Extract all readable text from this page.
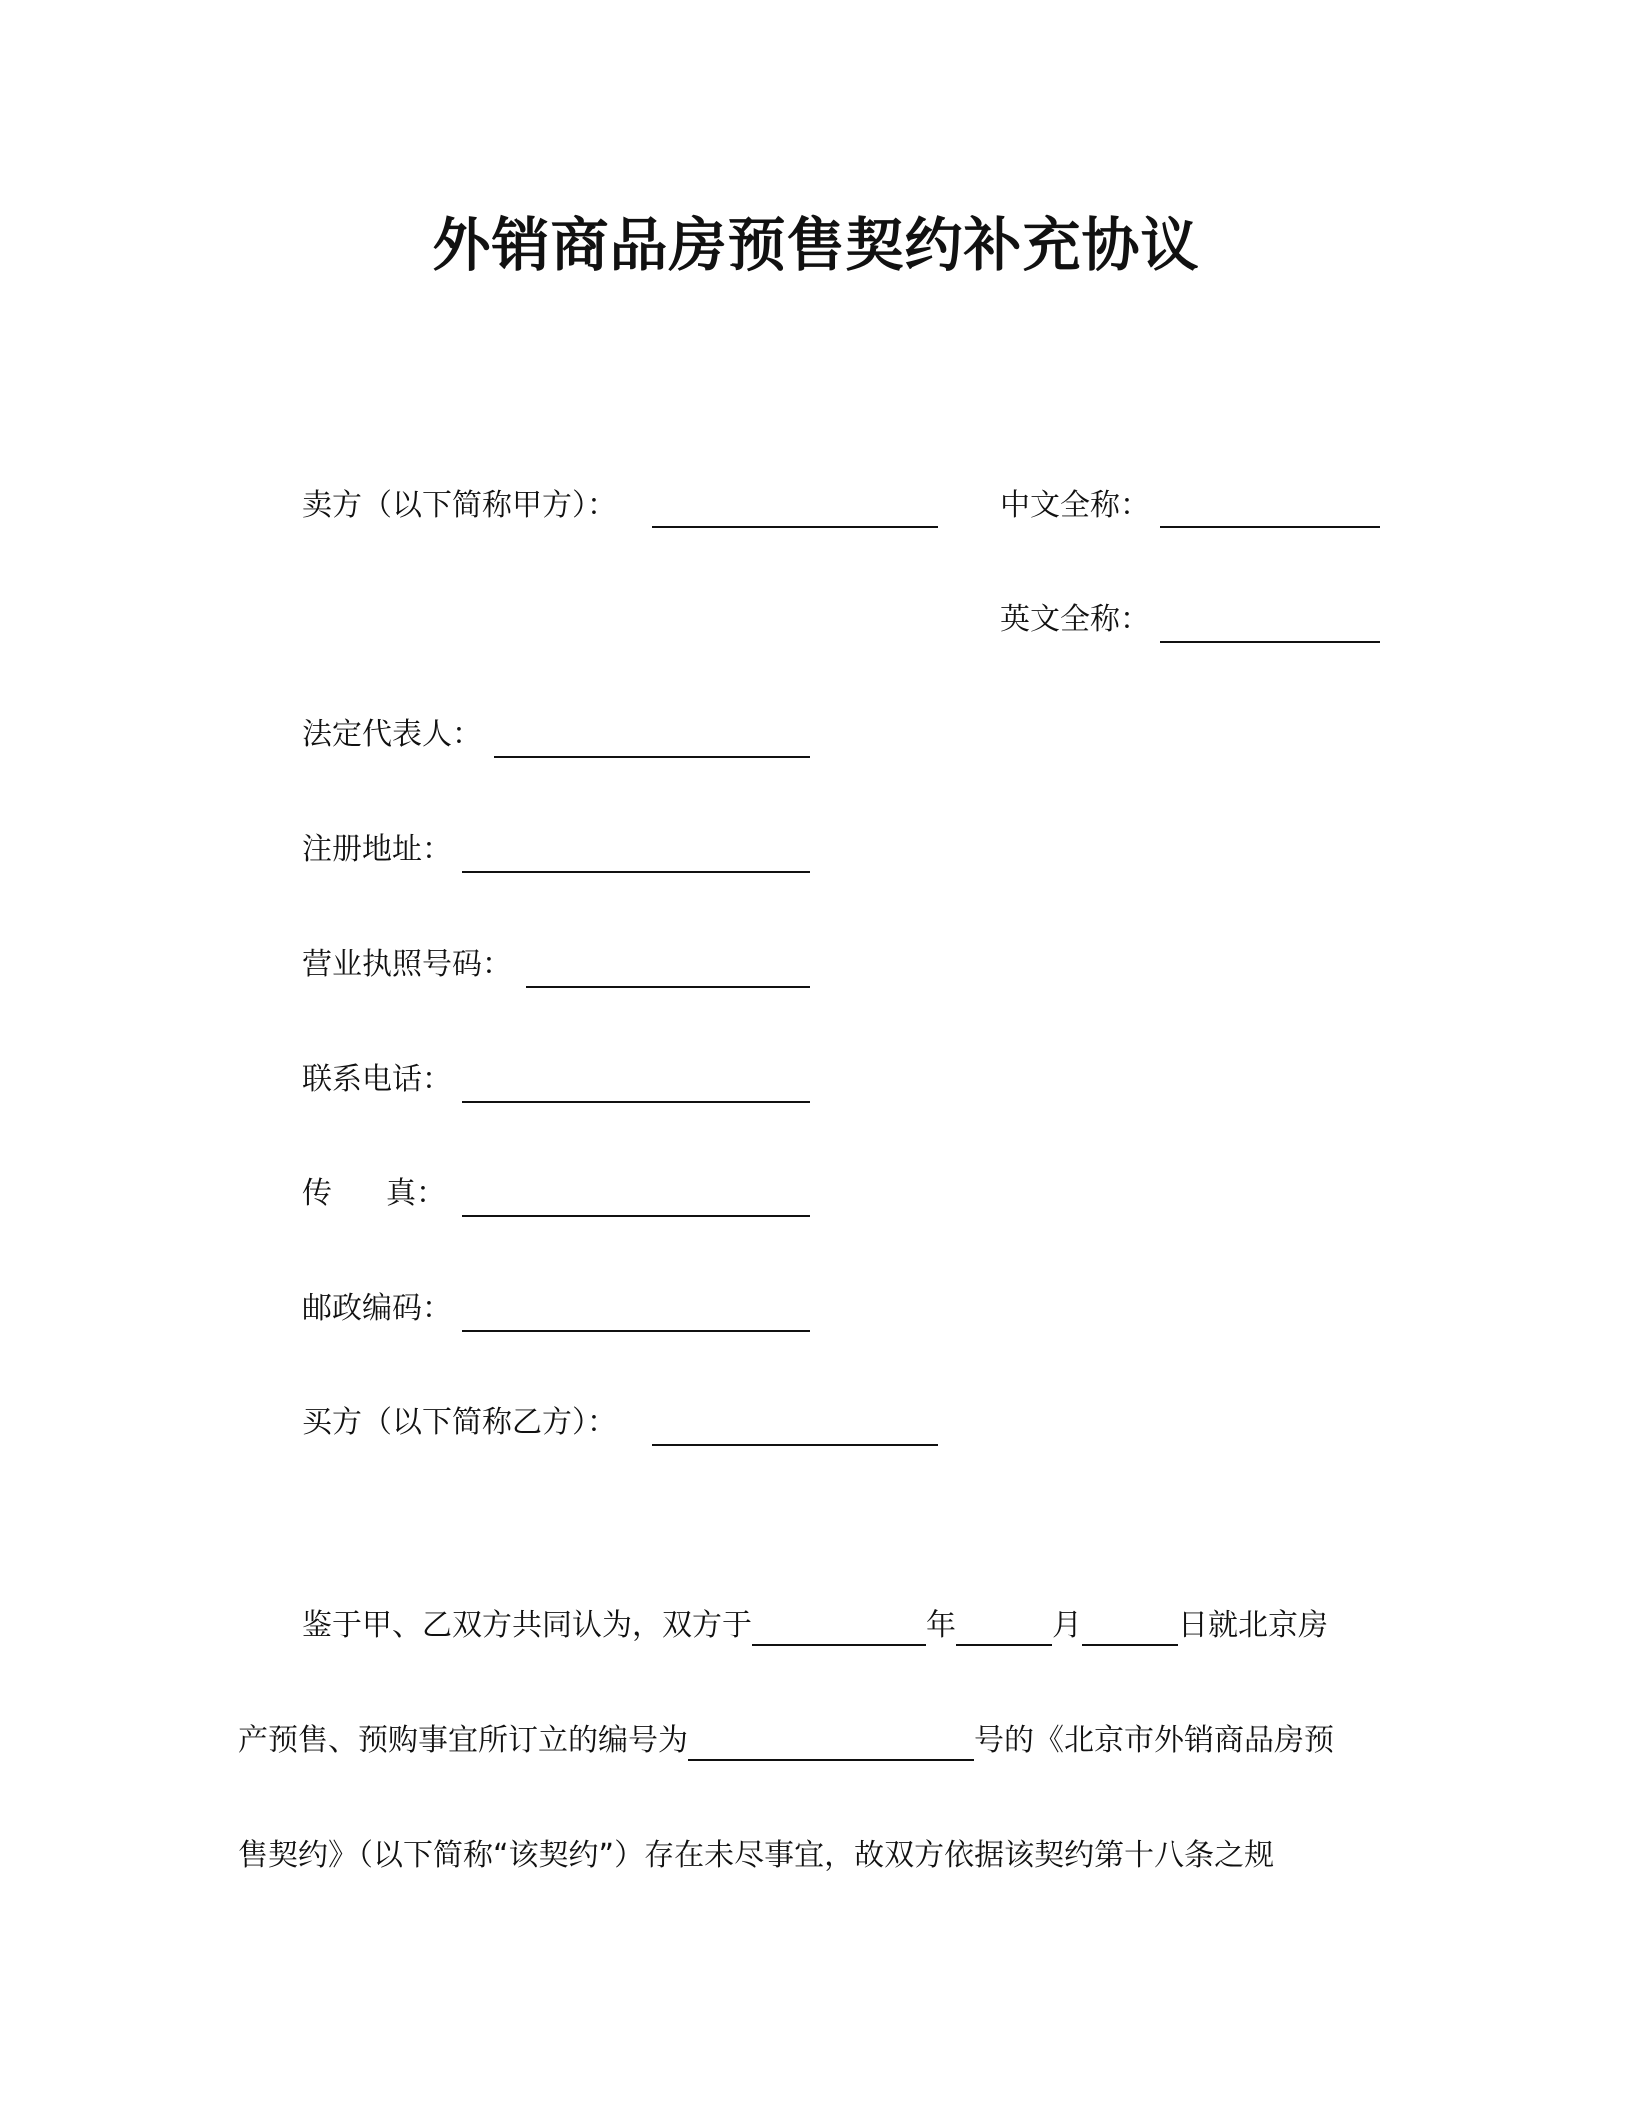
外销商品房预售契约补充协议
卖方（以下简称甲方）：	中文全称：
英文全称：
法定代表人：
注册地址：
营业执照号码：
联系电话：
传 真：
邮政编码：
买方（以下简称乙方）：
鉴于甲、乙双方共同认为，双方于	年	月	日就北京房
产预售、预购事宜所订立的编号为	号的《北京市外销商品房预
售契约》（以下简称“该契约”）存在未尽事宜，故双方依据该契约第十八条之规
